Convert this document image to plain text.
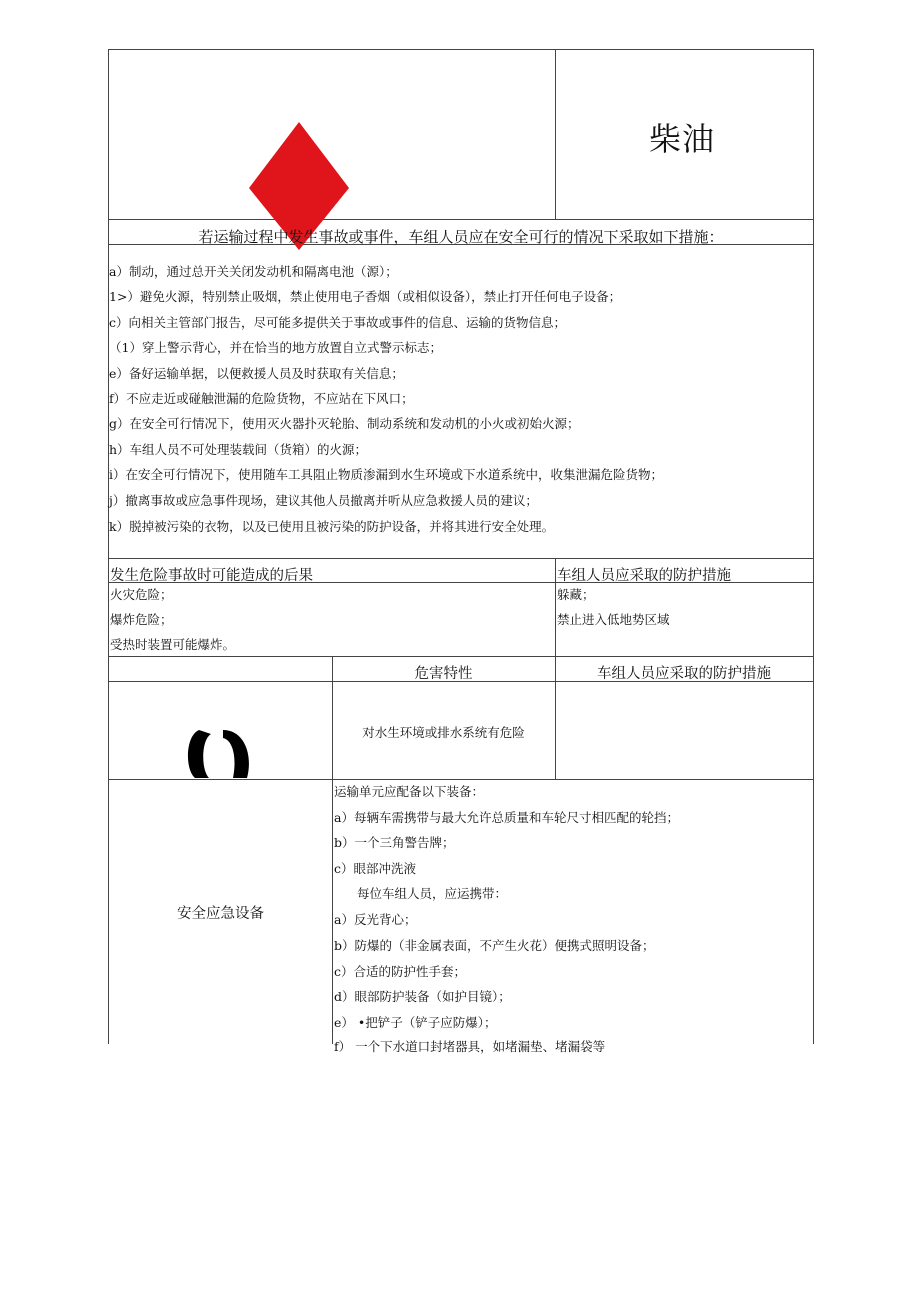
柴油
若运输过程中发生事故或事件，车组人员应在安全可行的情况下采取如下措施：
a）制动，通过总开关关闭发动机和隔离电池（源）；
1>）避免火源，特别禁止吸烟，禁止使用电子香烟（或相似设备），禁止打开任何电子设备；
c）向相关主管部门报告，尽可能多提供关于事故或事件的信息、运输的货物信息；
（1）穿上警示背心，并在恰当的地方放置自立式警示标志；
e）备好运输单据，以便救援人员及时获取有关信息；
f）不应走近或碰触泄漏的危险货物，不应站在下风口；
g）在安全可行情况下，使用灭火器扑灭轮胎、制动系统和发动机的小火或初始火源；
h）车组人员不可处理装载间（货箱）的火源；
i）在安全可行情况下，使用随车工具阻止物质渗漏到水生环境或下水道系统中，收集泄漏危险货物；
j）撤离事故或应急事件现场，建议其他人员撤离并听从应急救援人员的建议；
k）脱掉被污染的衣物，以及已使用且被污染的防护设备，并将其进行安全处理。
发生危险事故时可能造成的后果	车组人员应采取的防护措施
火灾危险；
爆炸危险；
受热时装置可能爆炸。
躲藏；
禁止进入低地势区域
危害特性	车组人员应采取的防护措施
对水生环境或排水系统有危险
安全应急设备
运输单元应配备以下装备：
a）每辆车需携带与最大允许总质量和车轮尺寸相匹配的轮挡；
b）一个三角警告牌；
c）眼部冲洗液
每位车组人员，应运携带：
a）反光背心；
b）防爆的（非金属表面，不产生火花）便携式照明设备；
c）合适的防护性手套；
d）眼部防护装备（如护目镜）；
e） •把铲子（铲子应防爆）；
f） 一个下水道口封堵器具，如堵漏垫、堵漏袋等
